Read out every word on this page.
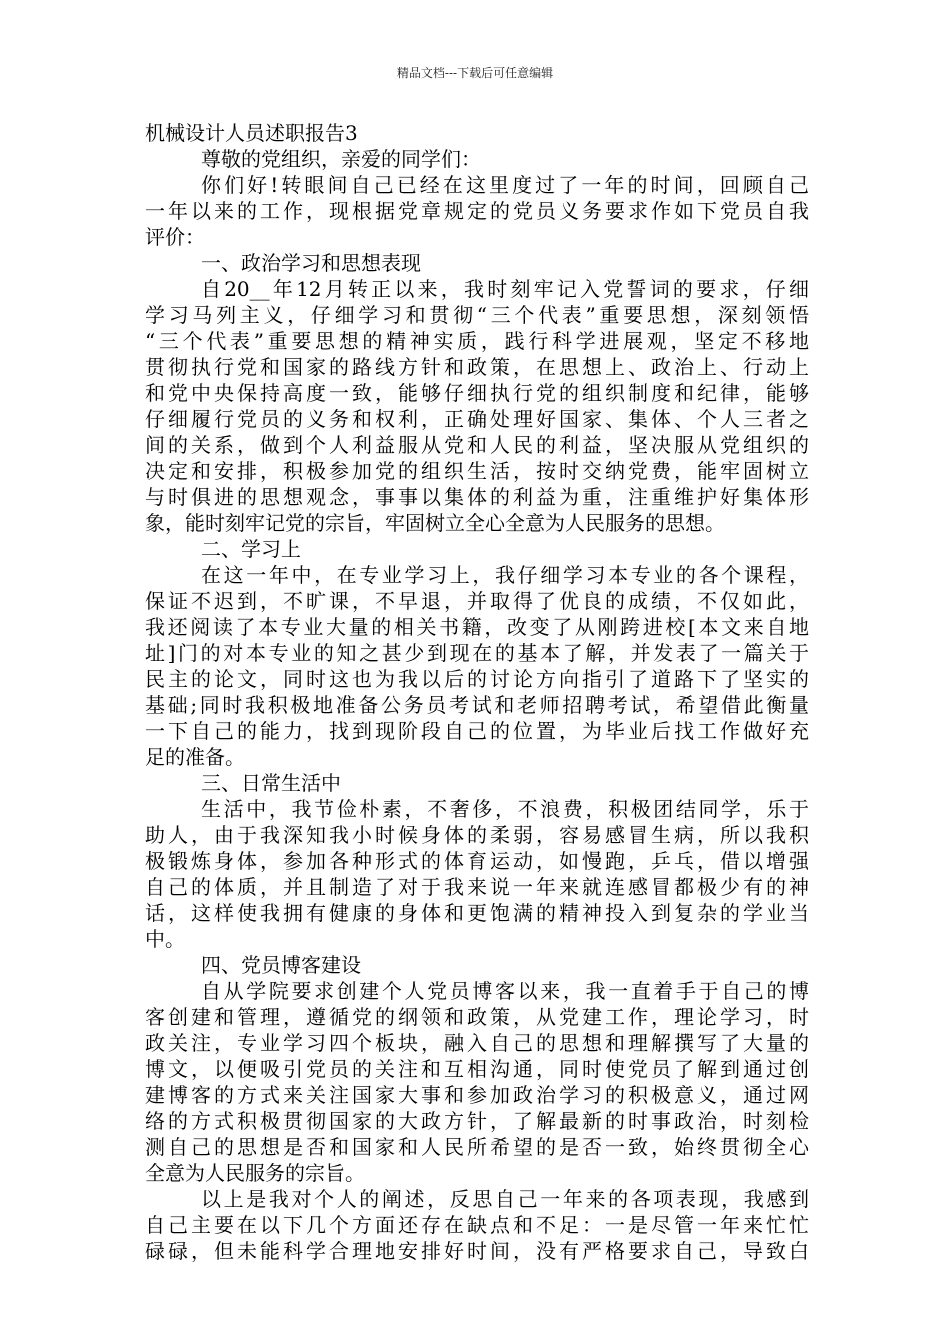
精品文档---下载后可任意编辑
机械设计人员述职报告3
尊敬的党组织，亲爱的同学们：
你们好!转眼间自己已经在这里度过了一年的时间，回顾自己
一年以来的工作，现根据党章规定的党员义务要求作如下党员自我
评价：
一、政治学习和思想表现
自20__年12月转正以来，我时刻牢记入党誓词的要求，仔细
学习马列主义，仔细学习和贯彻“三个代表”重要思想，深刻领悟
“三个代表”重要思想的精神实质，践行科学进展观，坚定不移地
贯彻执行党和国家的路线方针和政策，在思想上、政治上、行动上
和党中央保持高度一致，能够仔细执行党的组织制度和纪律，能够
仔细履行党员的义务和权利，正确处理好国家、集体、个人三者之
间的关系，做到个人利益服从党和人民的利益，坚决服从党组织的
决定和安排，积极参加党的组织生活，按时交纳党费，能牢固树立
与时俱进的思想观念，事事以集体的利益为重，注重维护好集体形
象，能时刻牢记党的宗旨，牢固树立全心全意为人民服务的思想。
二、学习上
在这一年中，在专业学习上，我仔细学习本专业的各个课程，
保证不迟到，不旷课，不早退，并取得了优良的成绩，不仅如此，
我还阅读了本专业大量的相关书籍，改变了从刚跨进校[本文来自地
址]门的对本专业的知之甚少到现在的基本了解，并发表了一篇关于
民主的论文，同时这也为我以后的讨论方向指引了道路下了坚实的
基础;同时我积极地准备公务员考试和老师招聘考试，希望借此衡量
一下自己的能力，找到现阶段自己的位置，为毕业后找工作做好充
足的准备。
三、日常生活中
生活中，我节俭朴素，不奢侈，不浪费，积极团结同学，乐于
助人，由于我深知我小时候身体的柔弱，容易感冒生病，所以我积
极锻炼身体，参加各种形式的体育运动，如慢跑，乒乓，借以增强
自己的体质，并且制造了对于我来说一年来就连感冒都极少有的神
话，这样使我拥有健康的身体和更饱满的精神投入到复杂的学业当
中。
四、党员博客建设
自从学院要求创建个人党员博客以来，我一直着手于自己的博
客创建和管理，遵循党的纲领和政策，从党建工作，理论学习，时
政关注，专业学习四个板块，融入自己的思想和理解撰写了大量的
博文，以便吸引党员的关注和互相沟通，同时使党员了解到通过创
建博客的方式来关注国家大事和参加政治学习的积极意义，通过网
络的方式积极贯彻国家的大政方针，了解最新的时事政治，时刻检
测自己的思想是否和国家和人民所希望的是否一致，始终贯彻全心
全意为人民服务的宗旨。
以上是我对个人的阐述，反思自己一年来的各项表现，我感到
自己主要在以下几个方面还存在缺点和不足：一是尽管一年来忙忙
碌碌，但未能科学合理地安排好时间，没有严格要求自己，导致白
